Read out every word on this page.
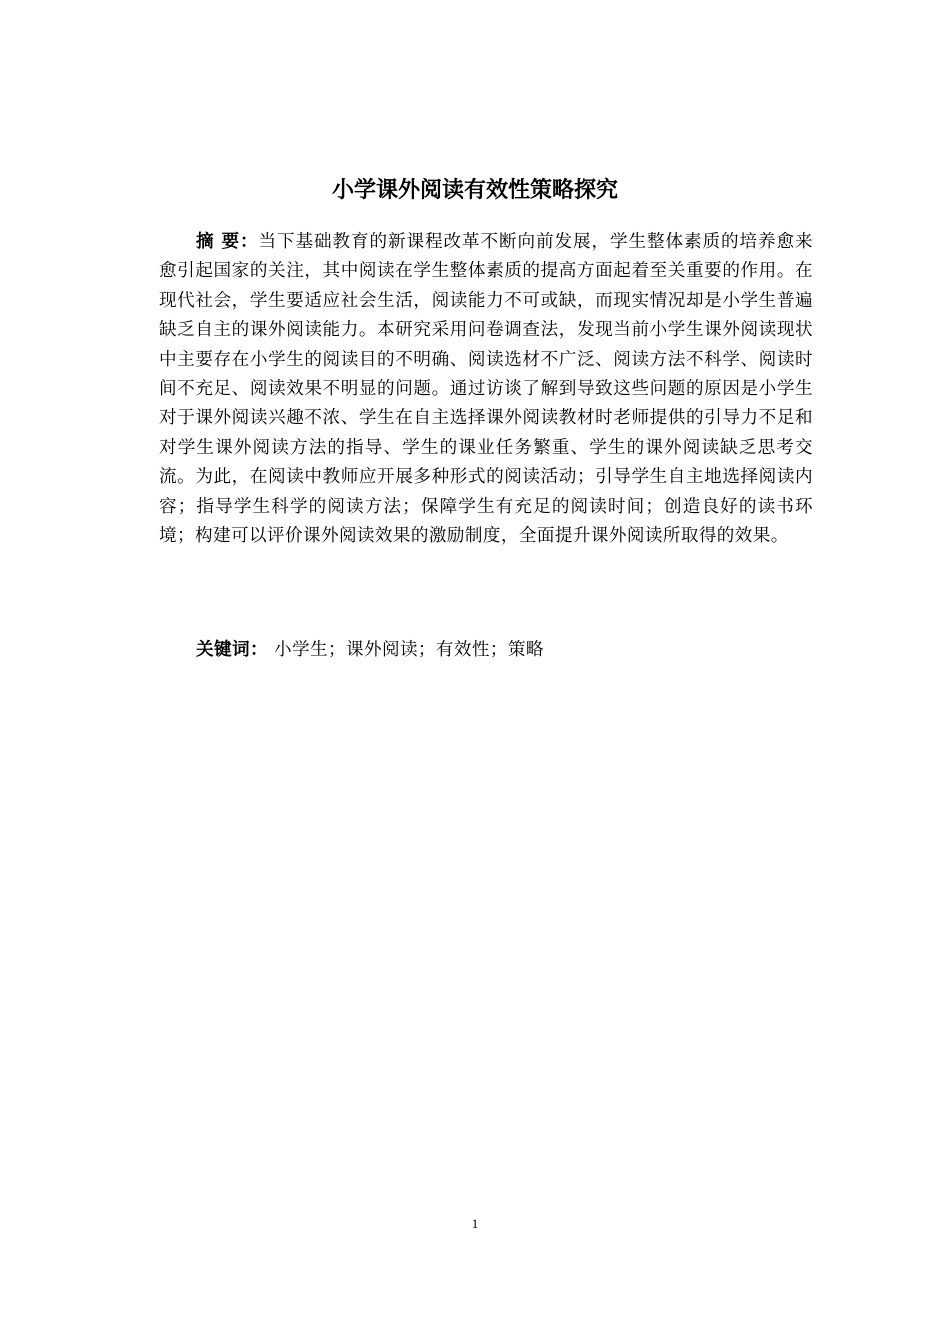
小学课外阅读有效性策略探究

摘 要：当下基础教育的新课程改革不断向前发展，学生整体素质的培养愈来愈引起国家的关注，其中阅读在学生整体素质的提高方面起着至关重要的作用。在现代社会，学生要适应社会生活，阅读能力不可或缺，而现实情况却是小学生普遍缺乏自主的课外阅读能力。本研究采用问卷调查法，发现当前小学生课外阅读现状中主要存在小学生的阅读目的不明确、阅读选材不广泛、阅读方法不科学、阅读时间不充足、阅读效果不明显的问题。通过访谈了解到导致这些问题的原因是小学生对于课外阅读兴趣不浓、学生在自主选择课外阅读教材时老师提供的引导力不足和对学生课外阅读方法的指导、学生的课业任务繁重、学生的课外阅读缺乏思考交流。为此，在阅读中教师应开展多种形式的阅读活动；引导学生自主地选择阅读内容；指导学生科学的阅读方法；保障学生有充足的阅读时间；创造良好的读书环境；构建可以评价课外阅读效果的激励制度，全面提升课外阅读所取得的效果。

关键词： 小学生；课外阅读；有效性；策略

1
